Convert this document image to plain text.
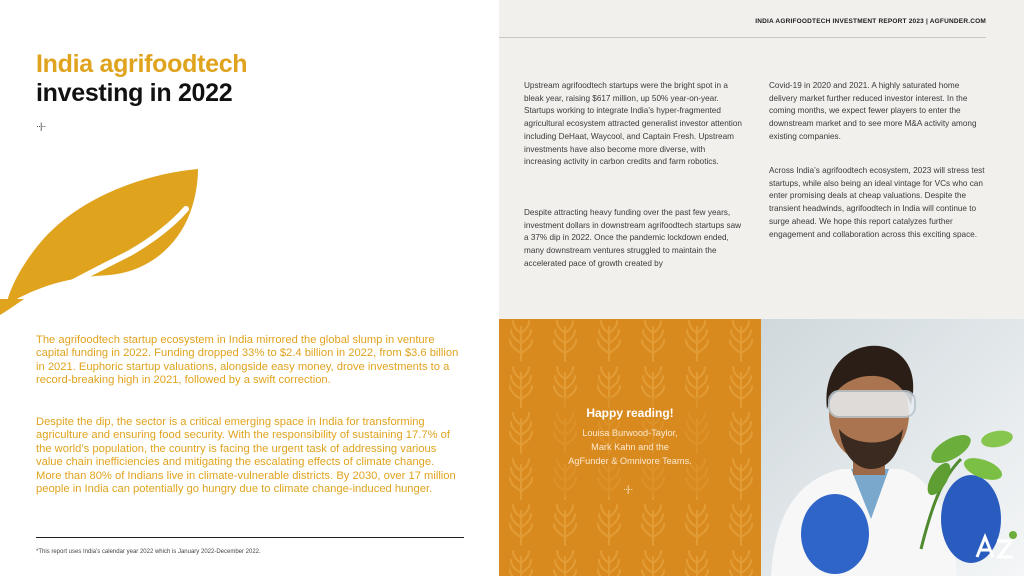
INDIA AGRIFOODTECH INVESTMENT REPORT 2023 | AGFUNDER.COM
India agrifoodtech
investing in 2022
··|··

The agrifoodtech startup ecosystem in India mirrored the global slump in venture capital funding in 2022. Funding dropped 33% to $2.4 billion in 2022, from $3.6 billion in 2021. Euphoric startup valuations, alongside easy money, drove investments to a record-breaking high in 2021, followed by a swift correction.

Despite the dip, the sector is a critical emerging space in India for transforming agriculture and ensuring food security. With the responsibility of sustaining 17.7% of the world’s population, the country is facing the urgent task of addressing various value chain inefficiencies and mitigating the escalating effects of climate change. More than 80% of Indians live in climate-vulnerable districts. By 2030, over 17 million people in India can potentially go hungry due to climate change-induced hunger.

*This report uses India’s calendar year 2022 which is January 2022-December 2022.

Upstream agrifoodtech startups were the bright spot in a bleak year, raising $617 million, up 50% year-on-year. Startups working to integrate India’s hyper-fragmented agricultural ecosystem attracted generalist investor attention including DeHaat, Waycool, and Captain Fresh. Upstream investments have also become more diverse, with increasing activity in carbon credits and farm robotics.

Despite attracting heavy funding over the past few years, investment dollars in downstream agrifoodtech startups saw a 37% dip in 2022. Once the pandemic lockdown ended, many downstream ventures struggled to maintain the accelerated pace of growth created by

Covid-19 in 2020 and 2021. A highly saturated home delivery market further reduced investor interest. In the coming months, we expect fewer players to enter the downstream market and to see more M&A activity among existing companies.

Across India’s agrifoodtech ecosystem, 2023 will stress test startups, while also being an ideal vintage for VCs who can enter promising deals at cheap valuations. Despite the transient headwinds, agrifoodtech in India will continue to surge ahead. We hope this report catalyzes further engagement and collaboration across this exciting space.

Happy reading!
Louisa Burwood-Taylor,
Mark Kahn and the
AgFunder & Omnivore Teams.
··|··
